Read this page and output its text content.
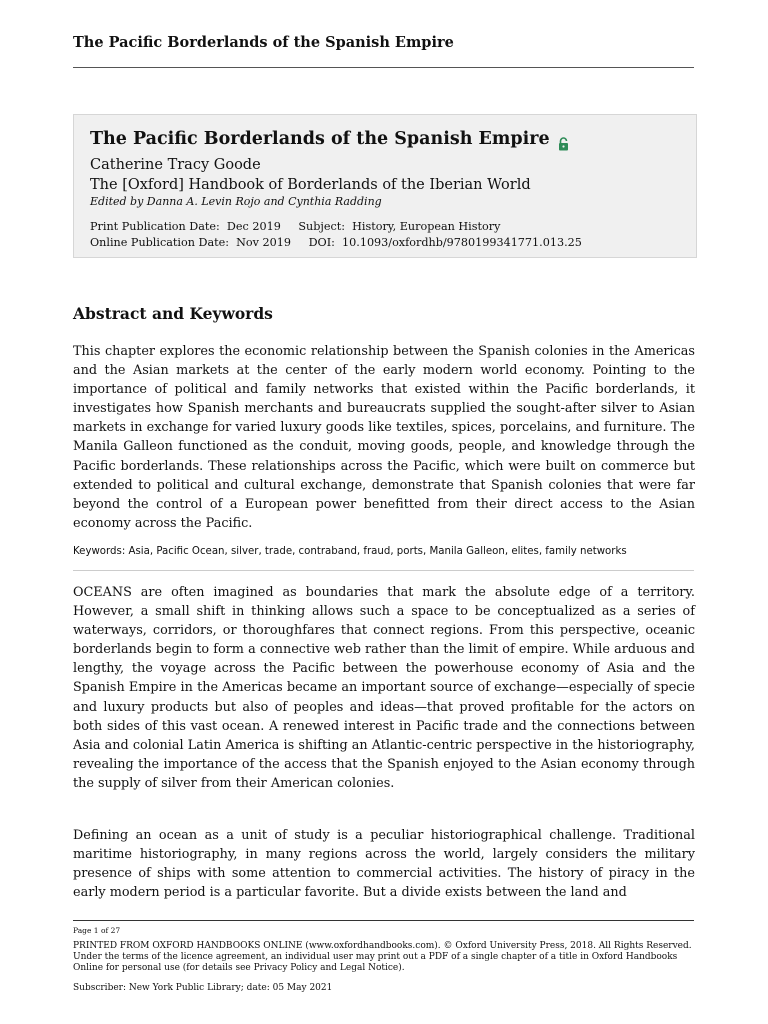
The Pacific Borderlands of the Spanish Empire
The Pacific Borderlands of the Spanish Empire
Catherine Tracy Goode
The [Oxford] Handbook of Borderlands of the Iberian World
Edited by Danna A. Levin Rojo and Cynthia Radding
Print Publication Date: Dec 2019 Subject: History, European History
Online Publication Date: Nov 2019 DOI: 10.1093/oxfordhb/9780199341771.013.25
Abstract and Keywords
This chapter explores the economic relationship between the Spanish colonies in the Americas and the Asian markets at the center of the early modern world economy. Pointing to the importance of political and family networks that existed within the Pacific borderlands, it investigates how Spanish merchants and bureaucrats supplied the sought-after silver to Asian markets in exchange for varied luxury goods like textiles, spices, porcelains, and furniture. The Manila Galleon functioned as the conduit, moving goods, people, and knowledge through the Pacific borderlands. These relationships across the Pacific, which were built on commerce but extended to political and cultural exchange, demonstrate that Spanish colonies that were far beyond the control of a European power benefitted from their direct access to the Asian economy across the Pacific.
Keywords: Asia, Pacific Ocean, silver, trade, contraband, fraud, ports, Manila Galleon, elites, family networks
OCEANS are often imagined as boundaries that mark the absolute edge of a territory. However, a small shift in thinking allows such a space to be conceptualized as a series of waterways, corridors, or thoroughfares that connect regions. From this perspective, oceanic borderlands begin to form a connective web rather than the limit of empire. While arduous and lengthy, the voyage across the Pacific between the powerhouse economy of Asia and the Spanish Empire in the Americas became an important source of exchange—especially of specie and luxury products but also of peoples and ideas—that proved profitable for the actors on both sides of this vast ocean. A renewed interest in Pacific trade and the connections between Asia and colonial Latin America is shifting an Atlantic-centric perspective in the historiography, revealing the importance of the access that the Spanish enjoyed to the Asian economy through the supply of silver from their American colonies.
Defining an ocean as a unit of study is a peculiar historiographical challenge. Traditional maritime historiography, in many regions across the world, largely considers the military presence of ships with some attention to commercial activities. The history of piracy in the early modern period is a particular favorite. But a divide exists between the land and
Page 1 of 27
PRINTED FROM OXFORD HANDBOOKS ONLINE (www.oxfordhandbooks.com). © Oxford University Press, 2018. All Rights Reserved. Under the terms of the licence agreement, an individual user may print out a PDF of a single chapter of a title in Oxford Handbooks Online for personal use (for details see Privacy Policy and Legal Notice).
Subscriber: New York Public Library; date: 05 May 2021
